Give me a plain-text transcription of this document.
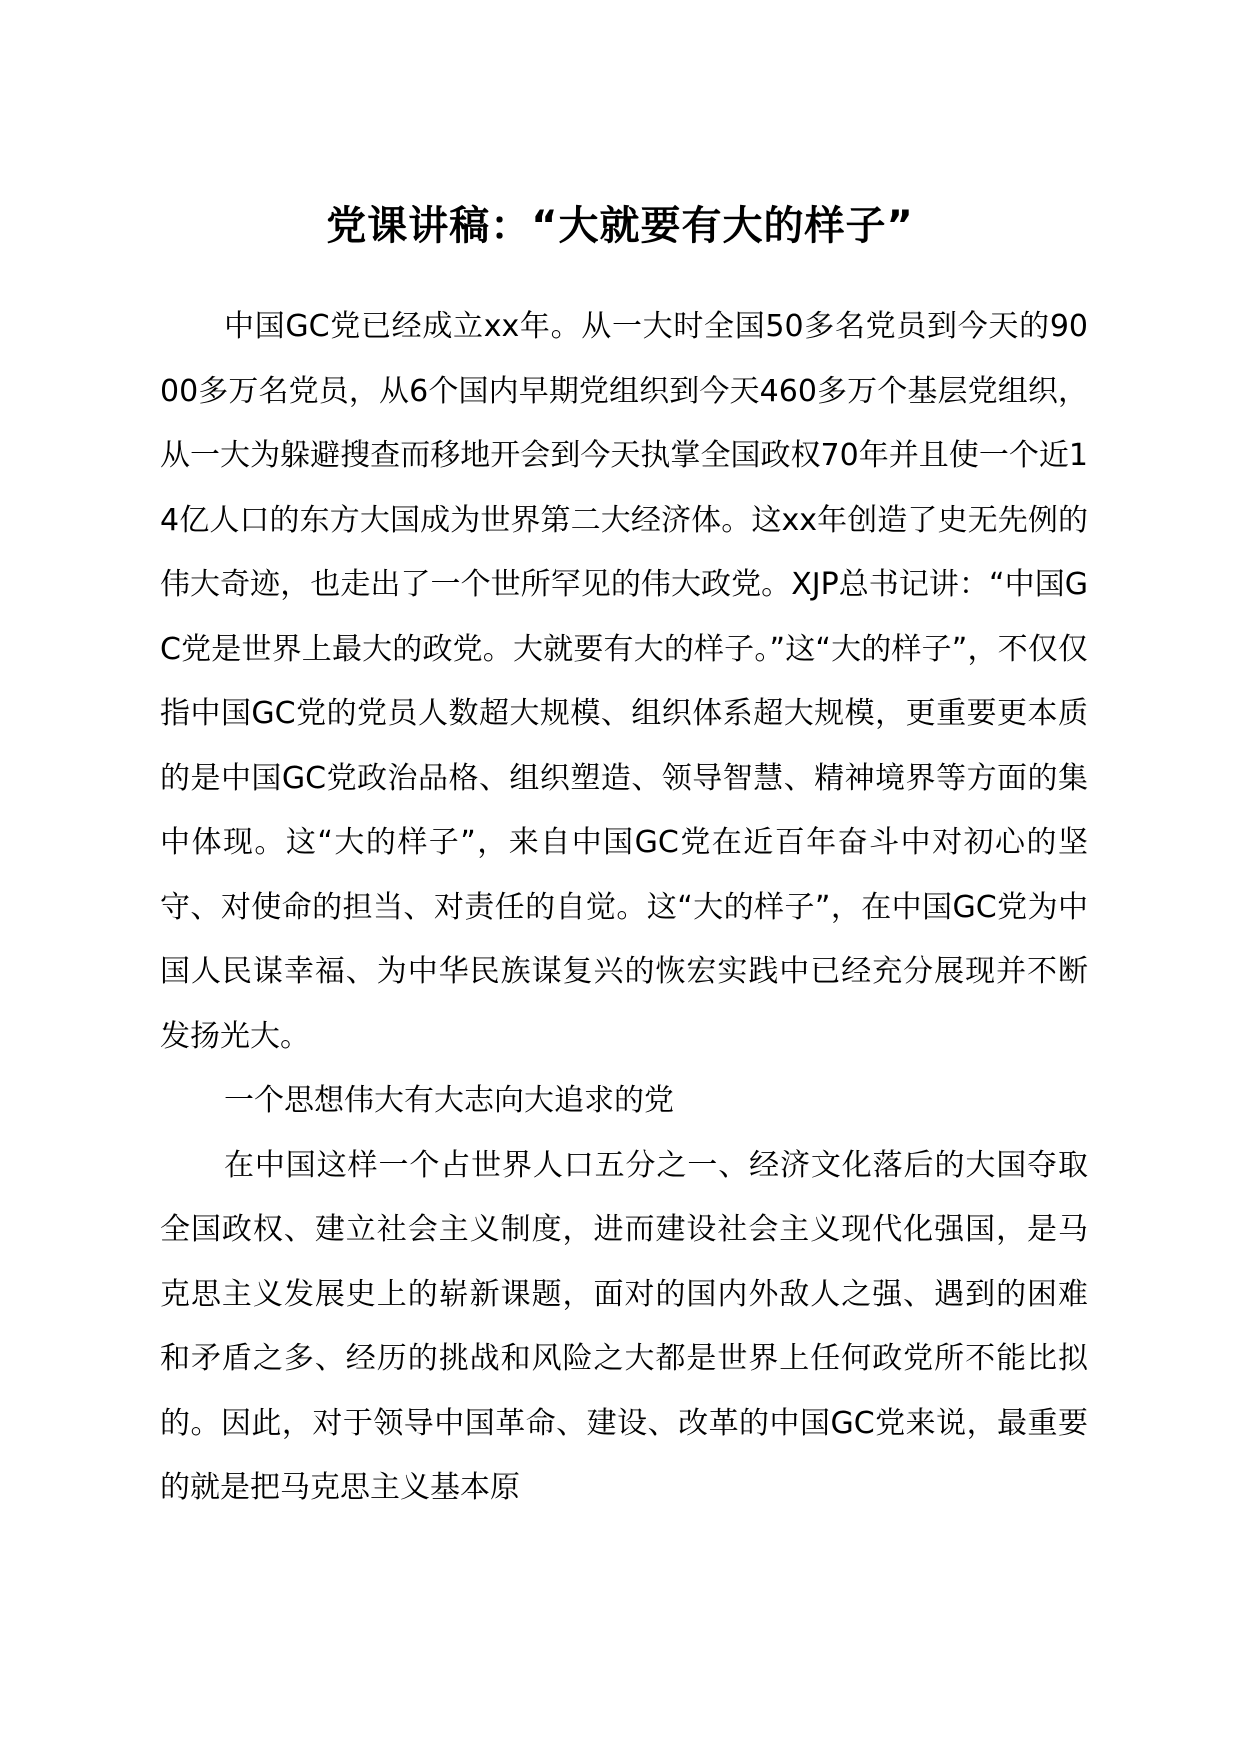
党课讲稿：“大就要有大的样子”

中国GC党已经成立xx年。从一大时全国50多名党员到今天的9000多万名党员，从6个国内早期党组织到今天460多万个基层党组织，从一大为躲避搜查而移地开会到今天执掌全国政权70年并且使一个近14亿人口的东方大国成为世界第二大经济体。这xx年创造了史无先例的伟大奇迹，也走出了一个世所罕见的伟大政党。XJP总书记讲：“中国GC党是世界上最大的政党。大就要有大的样子。”这“大的样子”，不仅仅指中国GC党的党员人数超大规模、组织体系超大规模，更重要更本质的是中国GC党政治品格、组织塑造、领导智慧、精神境界等方面的集中体现。这“大的样子”，来自中国GC党在近百年奋斗中对初心的坚守、对使命的担当、对责任的自觉。这“大的样子”，在中国GC党为中国人民谋幸福、为中华民族谋复兴的恢宏实践中已经充分展现并不断发扬光大。

一个思想伟大有大志向大追求的党

在中国这样一个占世界人口五分之一、经济文化落后的大国夺取全国政权、建立社会主义制度，进而建设社会主义现代化强国，是马克思主义发展史上的崭新课题，面对的国内外敌人之强、遇到的困难和矛盾之多、经历的挑战和风险之大都是世界上任何政党所不能比拟的。因此，对于领导中国革命、建设、改革的中国GC党来说，最重要的就是把马克思主义基本原
